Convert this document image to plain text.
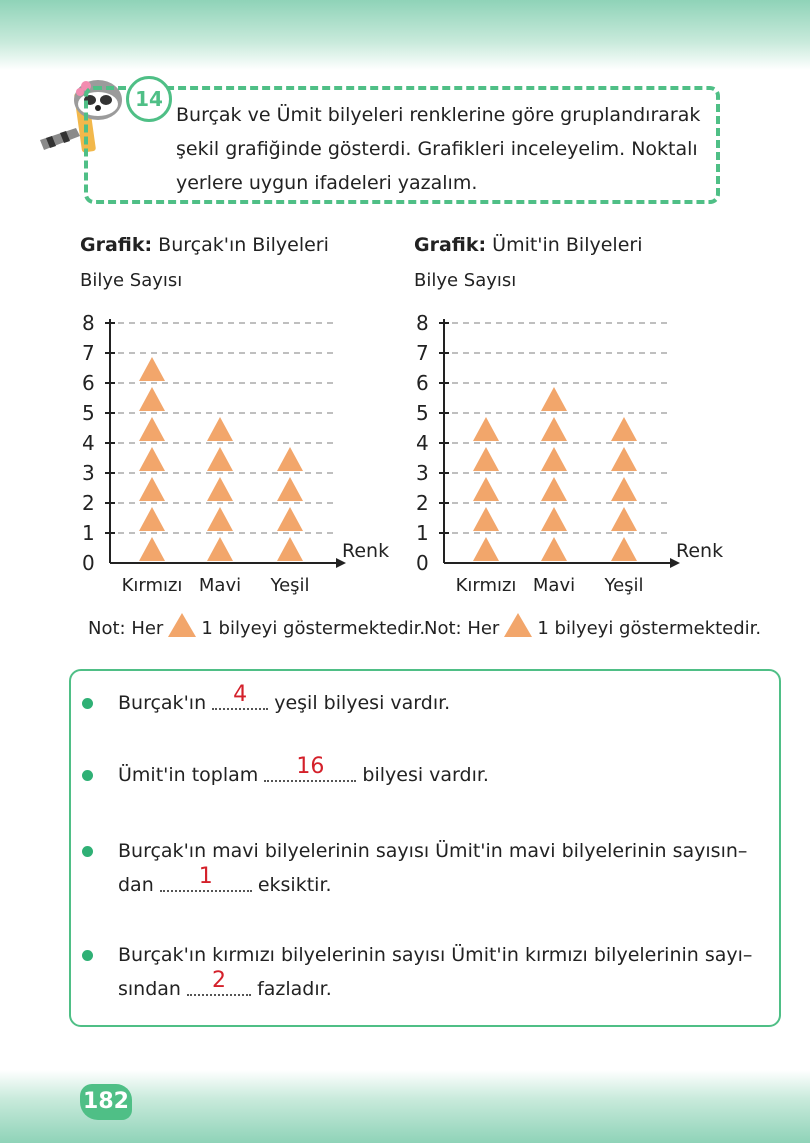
14
Burçak ve Ümit bilyeleri renklerine göre gruplandırarak şekil grafiğinde gösterdi. Grafikleri inceleyelim. Noktalı yerlere uygun ifadeleri yazalım.
Grafik: Burçak'ın Bilyeleri
Bilye Sayısı
Grafik: Ümit'in Bilyeleri
Bilye Sayısı
0
1
2
3
4
5
6
7
8
Renk
Kırmızı Mavi Yeşil
0
1
2
3
4
5
6
7
8
Renk
Kırmızı Mavi Yeşil
Not: Her 1 bilyeyi göstermektedir.
Not: Her 1 bilyeyi göstermektedir.
Burçak'ın 4 yeşil bilyesi vardır.
Ümit'in toplam 16 bilyesi vardır.
Burçak'ın mavi bilyelerinin sayısı Ümit'in mavi bilyelerinin sayısın–
dan 1 eksiktir.
Burçak'ın kırmızı bilyelerinin sayısı Ümit'in kırmızı bilyelerinin sayı–
sından 2 fazladır.
182
